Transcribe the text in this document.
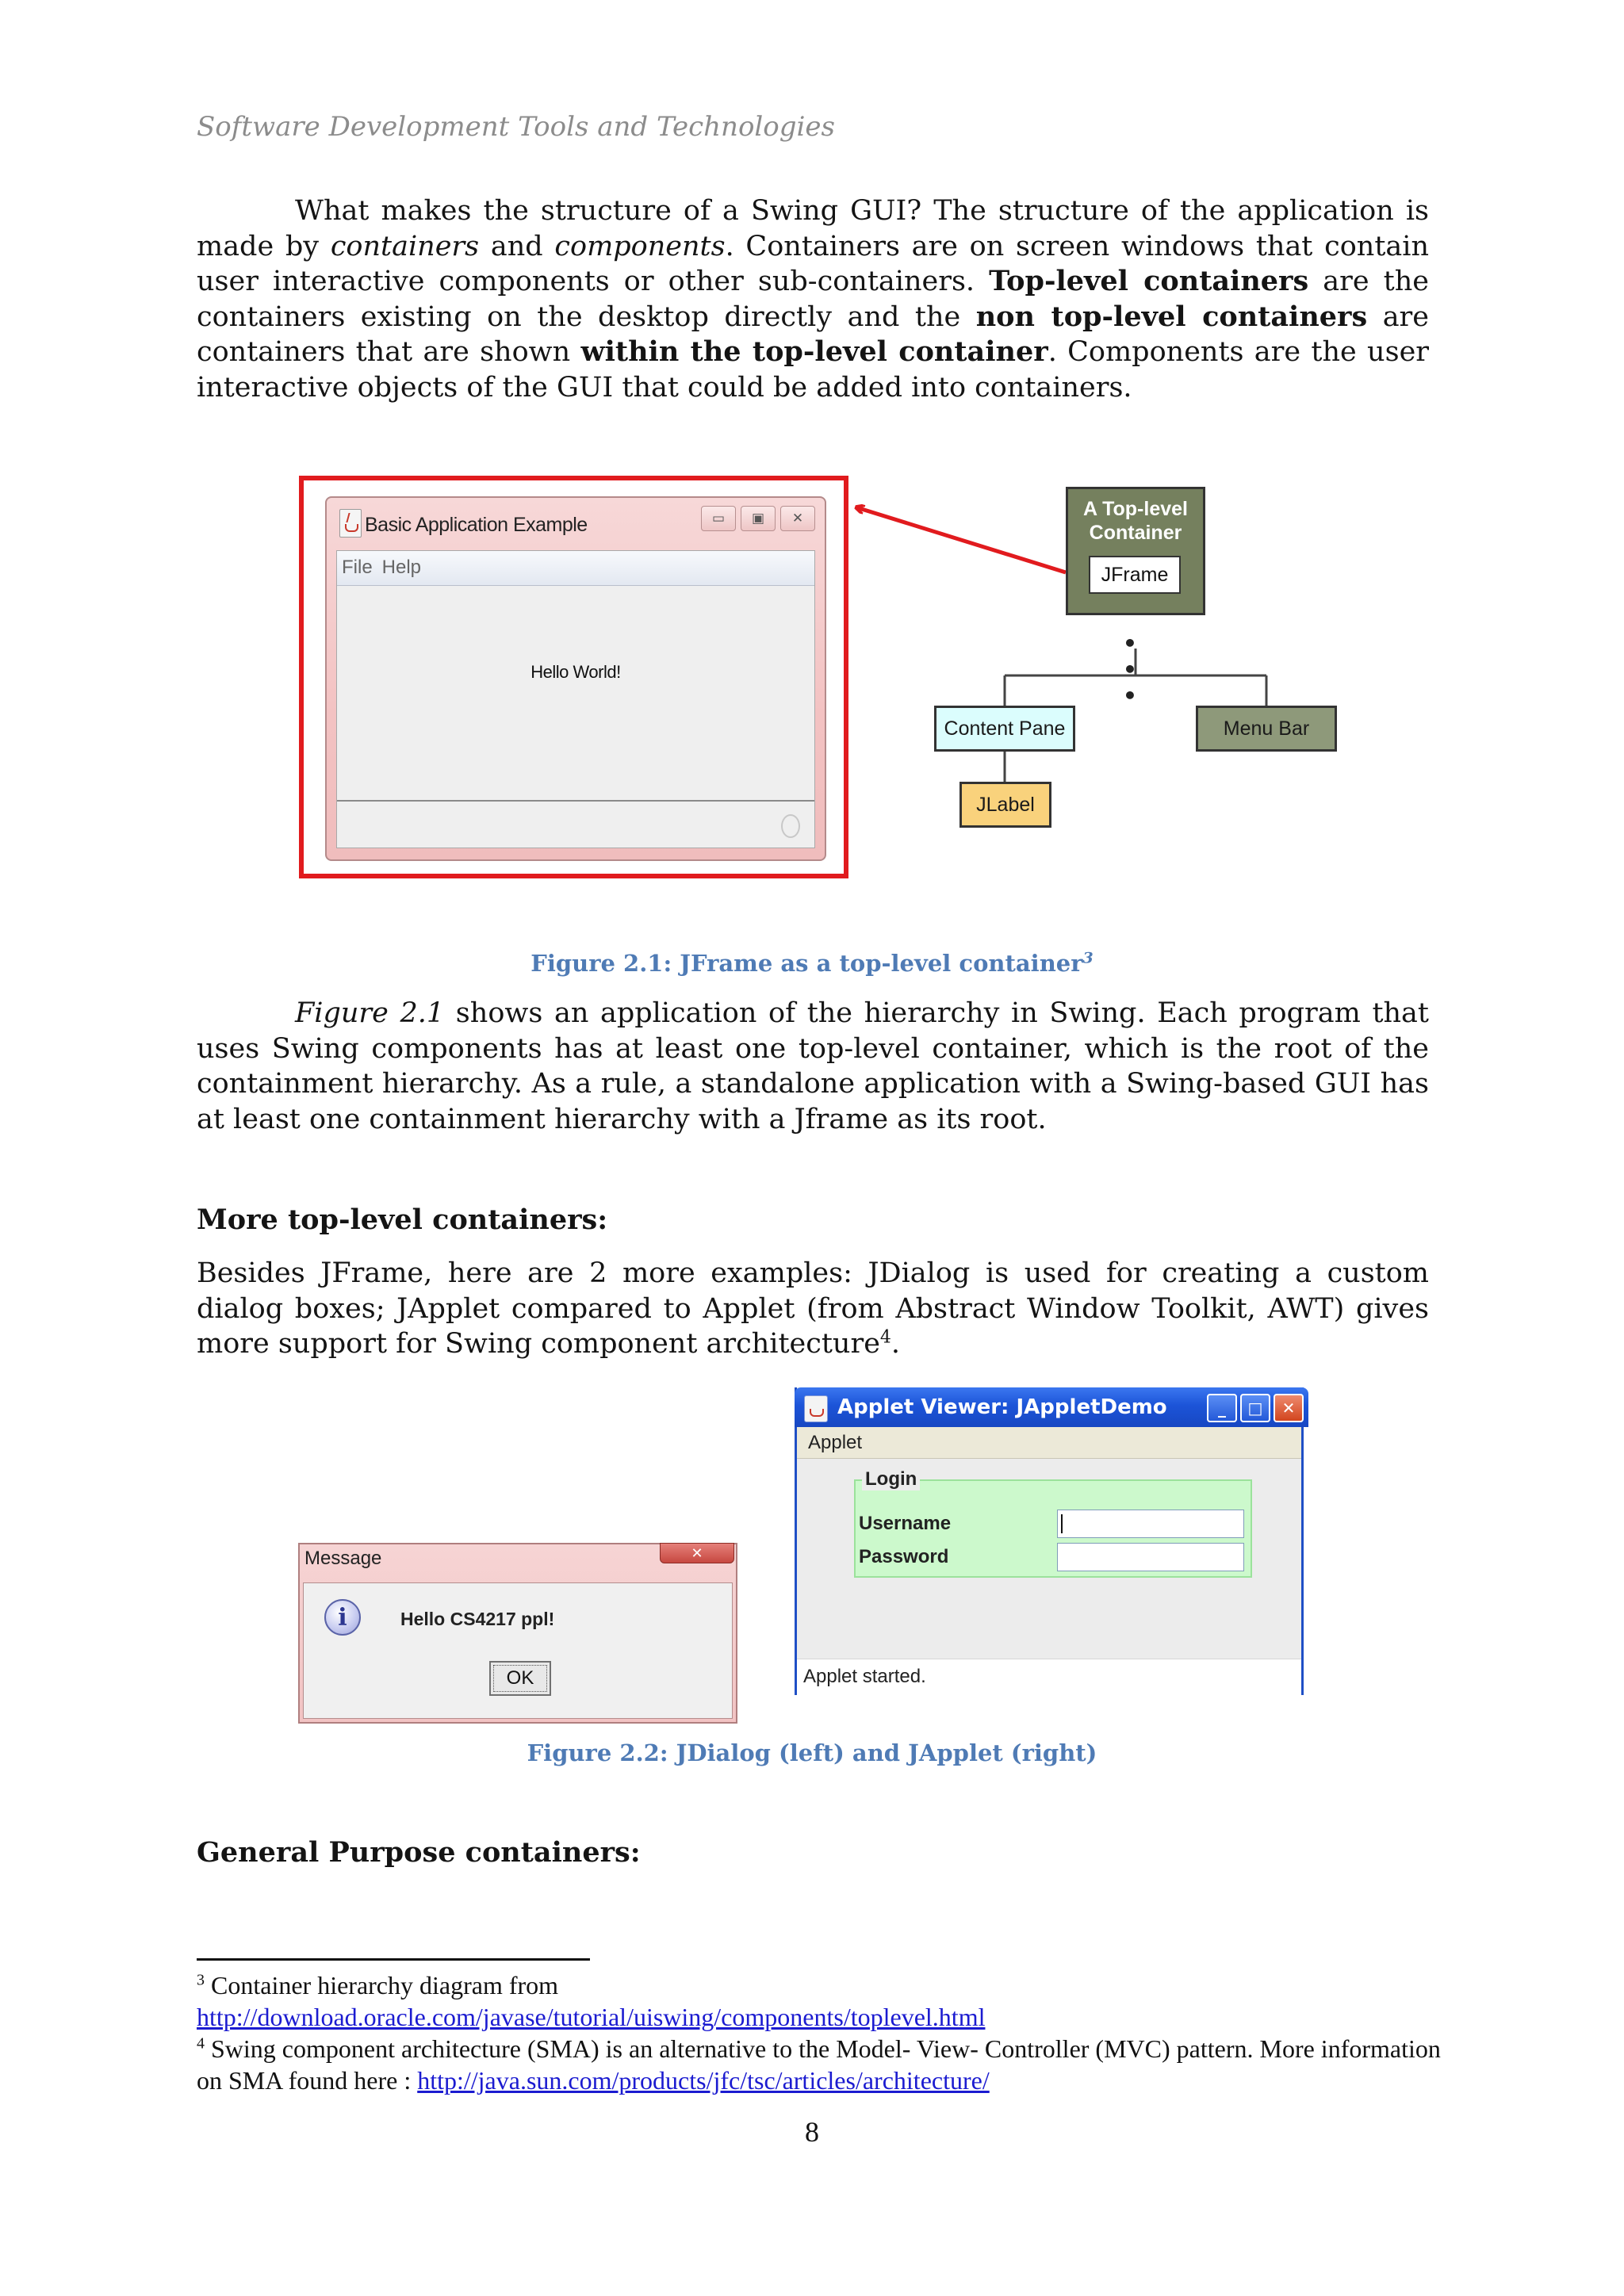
Software Development Tools and Technologies
What makes the structure of a Swing GUI? The structure of the application is made by containers and components. Containers are on screen windows that contain user interactive components or other sub-containers. Top-level containers are the containers existing on the desktop directly and the non top-level containers are containers that are shown within the top-level container. Components are the user interactive objects of the GUI that could be added into containers.
Basic Application Example	▭	▣	✕
File Help
Hello World!
A Top-level
Container
JFrame
• • •
Content Pane	Menu Bar
JLabel
Figure 2.1: JFrame as a top-level container$^3$
Figure 2.1 shows an application of the hierarchy in Swing. Each program that uses Swing components has at least one top-level container, which is the root of the containment hierarchy. As a rule, a standalone application with a Swing-based GUI has at least one containment hierarchy with a Jframe as its root.
More top-level containers:
Besides JFrame, here are 2 more examples: JDialog is used for creating a custom dialog boxes; JApplet compared to Applet (from Abstract Window Toolkit, AWT) gives more support for Swing component architecture$^4$.
Message	✕
i	Hello CS4217 ppl!
OK
Applet Viewer: JAppletDemo	_	□	✕
Applet
Login
Username
Password
Applet started.
Figure 2.2: JDialog (left) and JApplet (right)
General Purpose containers:
$^3$ Container hierarchy diagram from
http://download.oracle.com/javase/tutorial/uiswing/components/toplevel.html
$^4$ Swing component architecture (SMA) is an alternative to the Model- View- Controller (MVC) pattern. More information on SMA found here : http://java.sun.com/products/jfc/tsc/articles/architecture/
8
